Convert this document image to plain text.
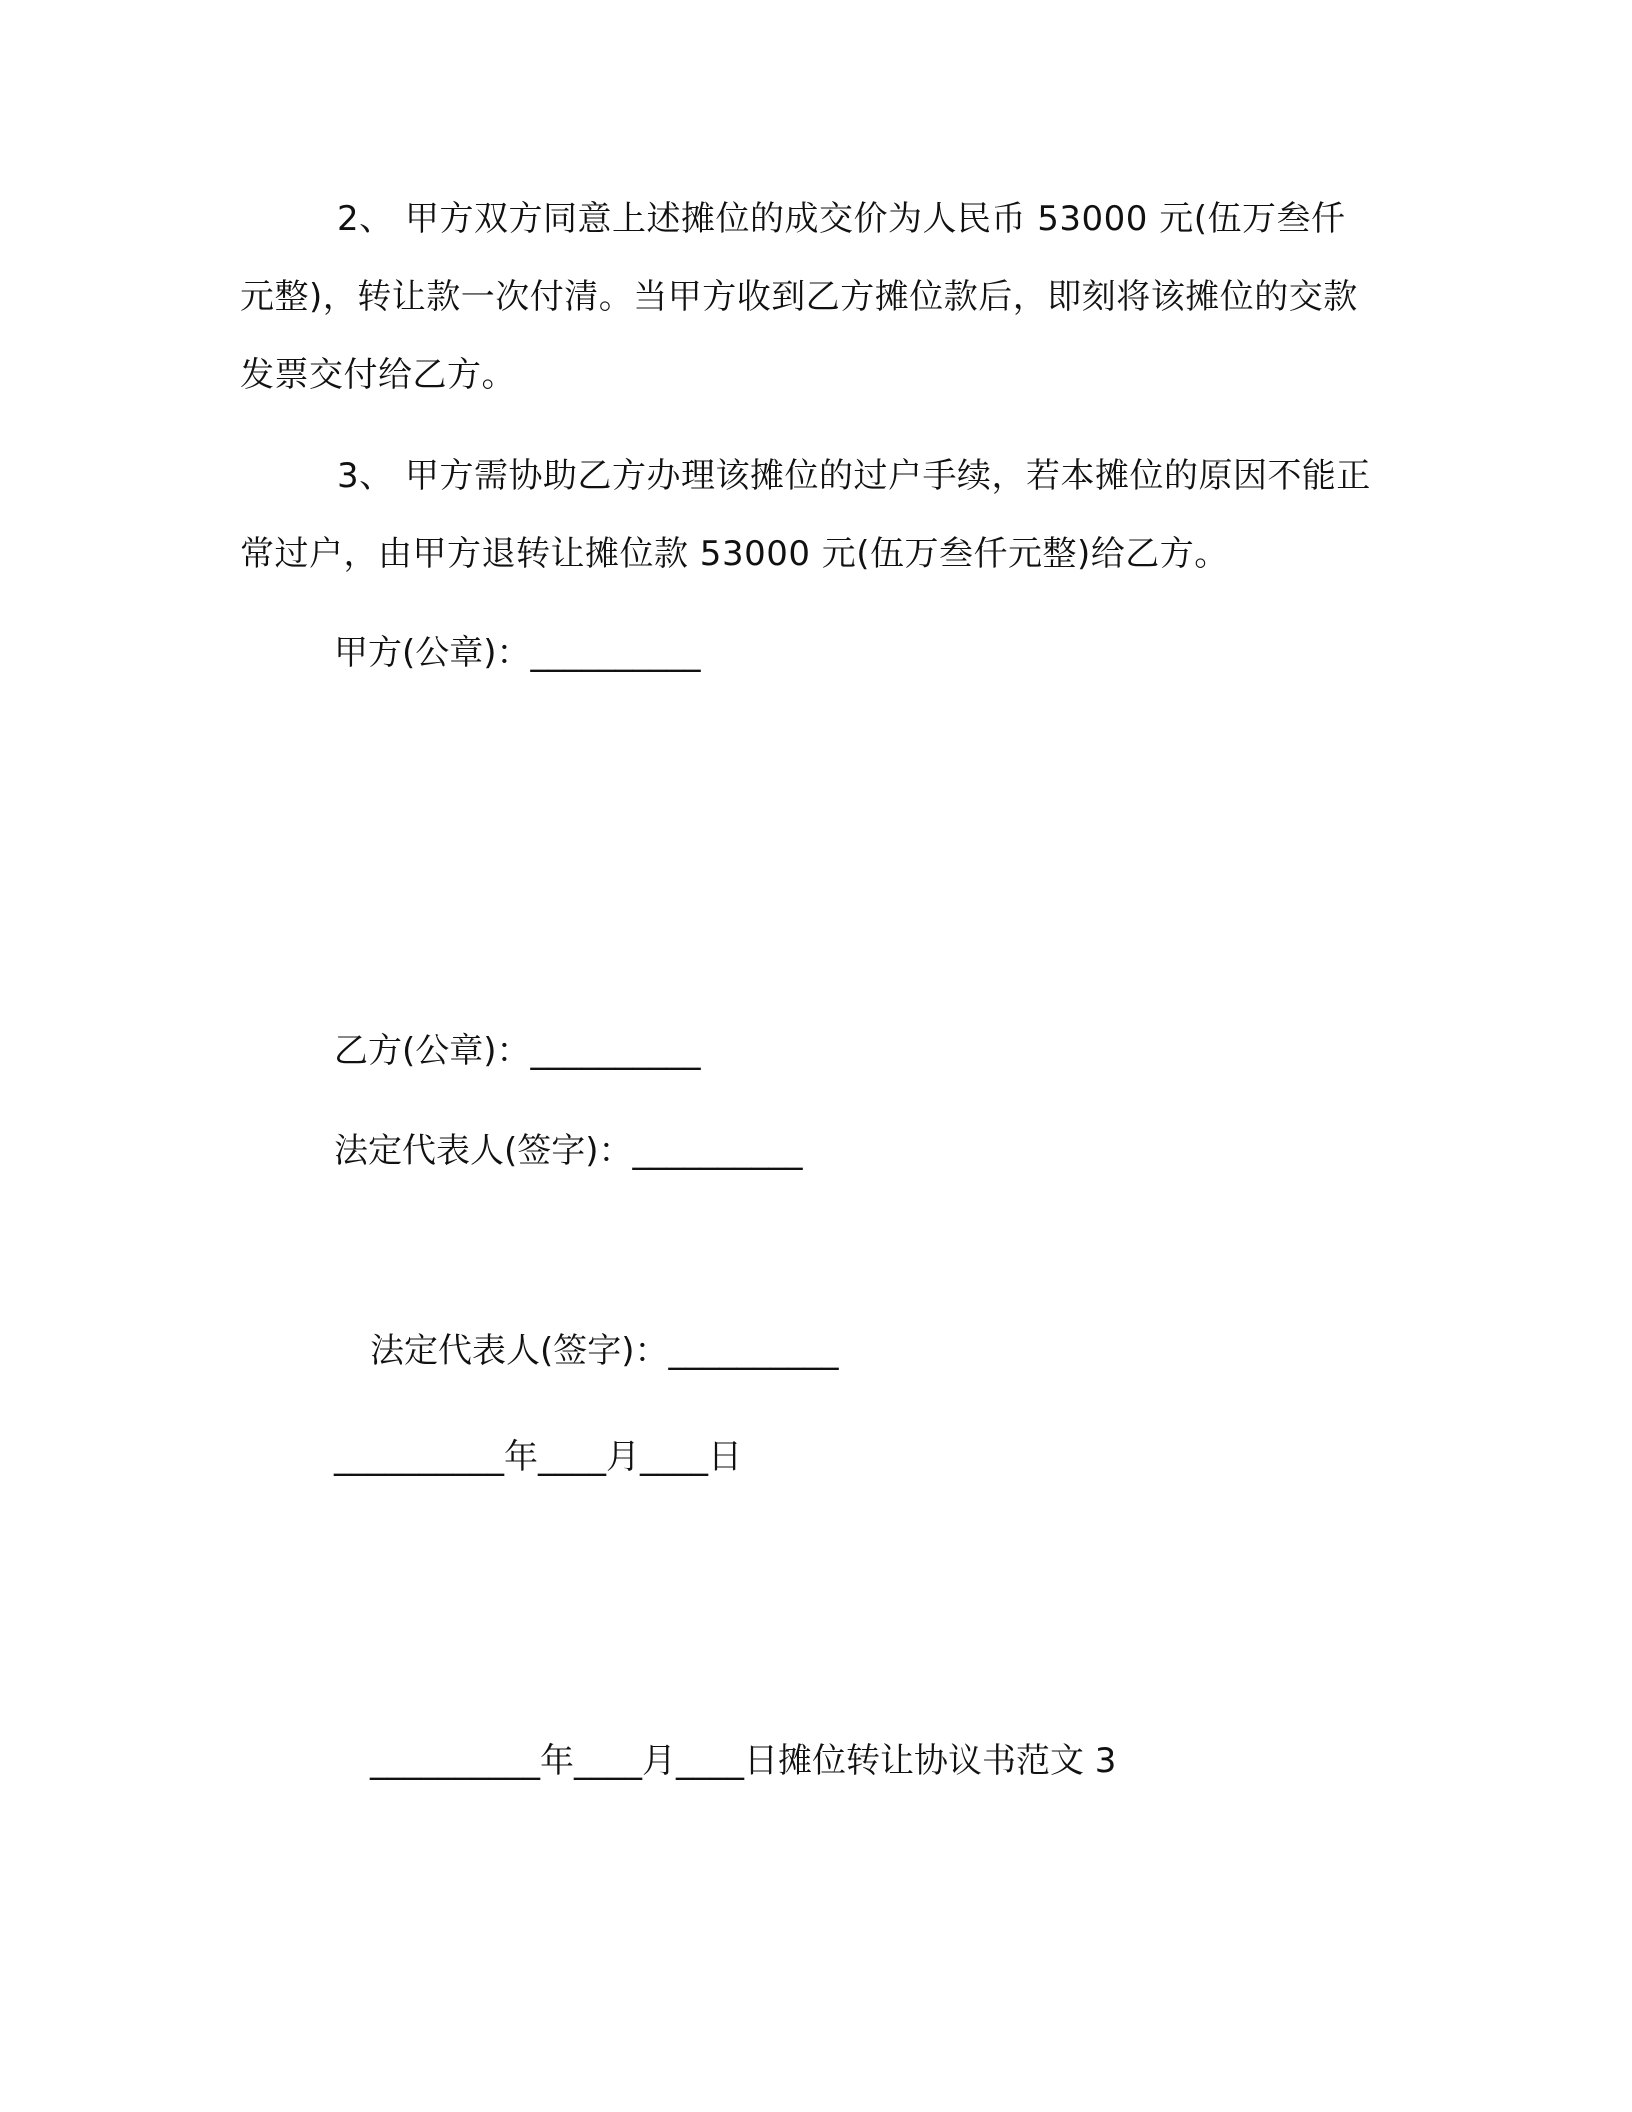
2、 甲方双方同意上述摊位的成交价为人民币 53000 元(伍万叁仟元整)，转让款一次付清。当甲方收到乙方摊位款后，即刻将该摊位的交款发票交付给乙方。

3、 甲方需协助乙方办理该摊位的过户手续，若本摊位的原因不能正常过户，由甲方退转让摊位款 53000 元(伍万叁仟元整)给乙方。

甲方(公章)：__________

乙方(公章)：__________

法定代表人(签字)：__________

法定代表人(签字)：__________

__________年____月____日

__________年____月____日摊位转让协议书范文 3
